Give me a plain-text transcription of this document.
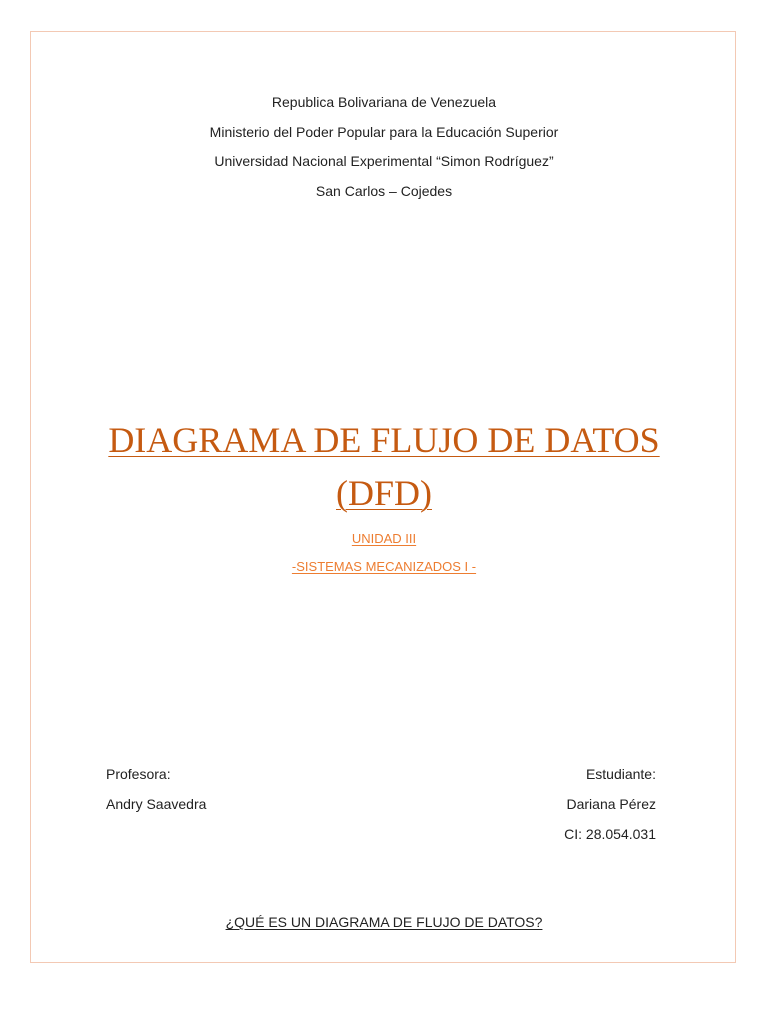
Republica Bolivariana de Venezuela
Ministerio del Poder Popular para la Educación Superior
Universidad Nacional Experimental “Simon Rodríguez”
San Carlos – Cojedes
DIAGRAMA DE FLUJO DE DATOS
(DFD)
UNIDAD III
-SISTEMAS MECANIZADOS I -
Profesora:
Andry Saavedra
Estudiante:
Dariana Pérez
CI: 28.054.031
¿QUÉ ES UN DIAGRAMA DE FLUJO DE DATOS?
